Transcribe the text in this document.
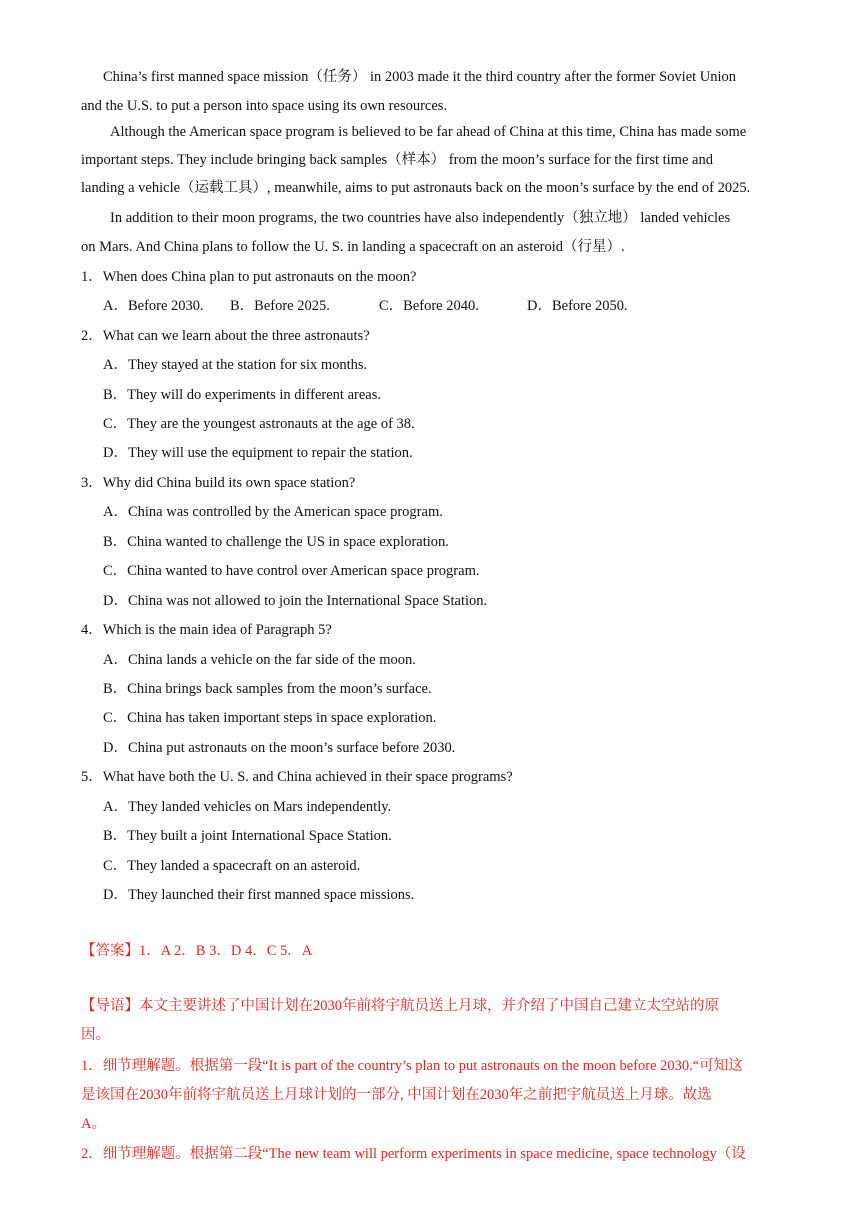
China’s first manned space mission（任务） in 2003 made it the third country after the former Soviet Union
and the U.S. to put a person into space using its own resources.
Although the American space program is believed to be far ahead of China at this time, China has made some
important steps. They include bringing back samples（样本） from the moon’s surface for the first time and
landing a vehicle（运载工具）, meanwhile, aims to put astronauts back on the moon’s surface by the end of 2025.
In addition to their moon programs, the two countries have also independently（独立地） landed vehicles
on Mars. And China plans to follow the U. S. in landing a spacecraft on an asteroid（行星）.
1．When does China plan to put astronauts on the moon?
A．Before 2030. B．Before 2025.	C．Before 2040.	D．Before 2050.
2．What can we learn about the three astronauts?
A．They stayed at the station for six months.
B．They will do experiments in different areas.
C．They are the youngest astronauts at the age of 38.
D．They will use the equipment to repair the station.
3．Why did China build its own space station?
A．China was controlled by the American space program.
B．China wanted to challenge the US in space exploration.
C．China wanted to have control over American space program.
D．China was not allowed to join the International Space Station.
4．Which is the main idea of Paragraph 5?
A．China lands a vehicle on the far side of the moon.
B．China brings back samples from the moon’s surface.
C．China has taken important steps in space exploration.
D．China put astronauts on the moon’s surface before 2030.
5．What have both the U. S. and China achieved in their space programs?
A．They landed vehicles on Mars independently.
B．They built a joint International Space Station.
C．They landed a spacecraft on an asteroid.
D．They launched their first manned space missions.
【答案】1．A 2．B 3．D 4．C 5．A
【导语】本文主要讲述了中国计划在2030年前将宇航员送上月球，并介绍了中国自己建立太空站的原
因。
1．细节理解题。根据第一段“It is part of the country’s plan to put astronauts on the moon before 2030.“可知这
是该国在2030年前将宇航员送上月球计划的一部分, 中国计划在2030年之前把宇航员送上月球。故选
A。
2．细节理解题。根据第二段“The new team will perform experiments in space medicine, space technology（设
